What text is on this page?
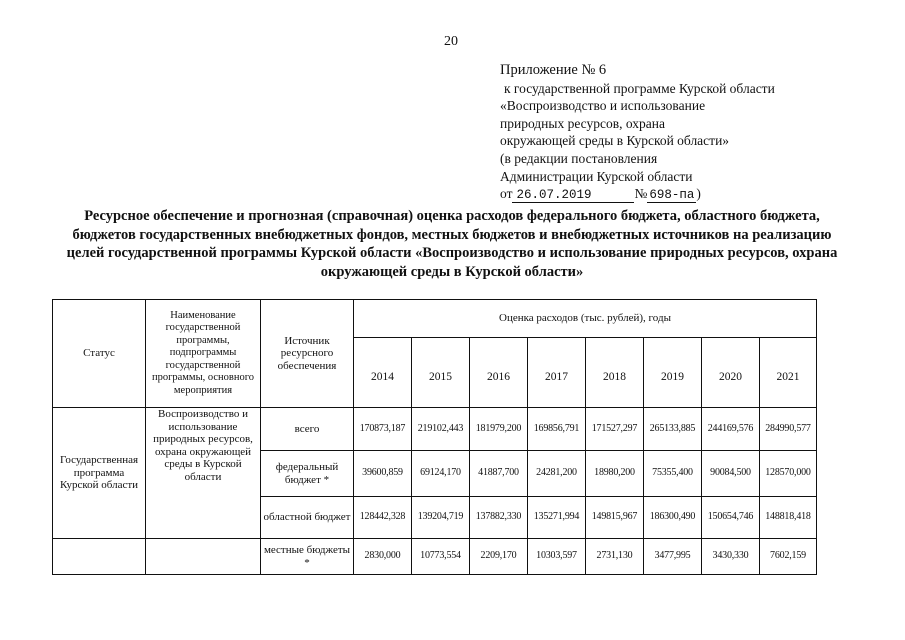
20
Приложение № 6
к государственной программе Курской области
«Воспроизводство и использование
природных ресурсов, охрана
окружающей среды в Курской области»
(в редакции постановления
Администрации Курской области
от 26.07.2019	№ 698-па )
Ресурсное обеспечение и прогнозная (справочная) оценка расходов федерального бюджета, областного бюджета, бюджетов государственных внебюджетных фондов, местных бюджетов и внебюджетных источников на реализацию целей государственной программы Курской области «Воспроизводство и использование природных ресурсов, охрана окружающей среды в Курской области»
Статус	Наименование государственной программы, подпрограммы государственной программы, основного мероприятия	Источник ресурсного обеспечения	Оценка расходов (тыс. рублей), годы							
			2014	2015	2016	2017	2018	2019	2020	2021
Государственная программа Курской области	Воспроизводство и использование природных ресурсов, охрана окружающей среды в Курской области	всего	170873,187	219102,443	181979,200	169856,791	171527,297	265133,885	244169,576	284990,577
		федеральный бюджет *	39600,859	69124,170	41887,700	24281,200	18980,200	75355,400	90084,500	128570,000
		областной бюджет	128442,328	139204,719	137882,330	135271,994	149815,967	186300,490	150654,746	148818,418
		местные бюджеты *	2830,000	10773,554	2209,170	10303,597	2731,130	3477,995	3430,330	7602,159
